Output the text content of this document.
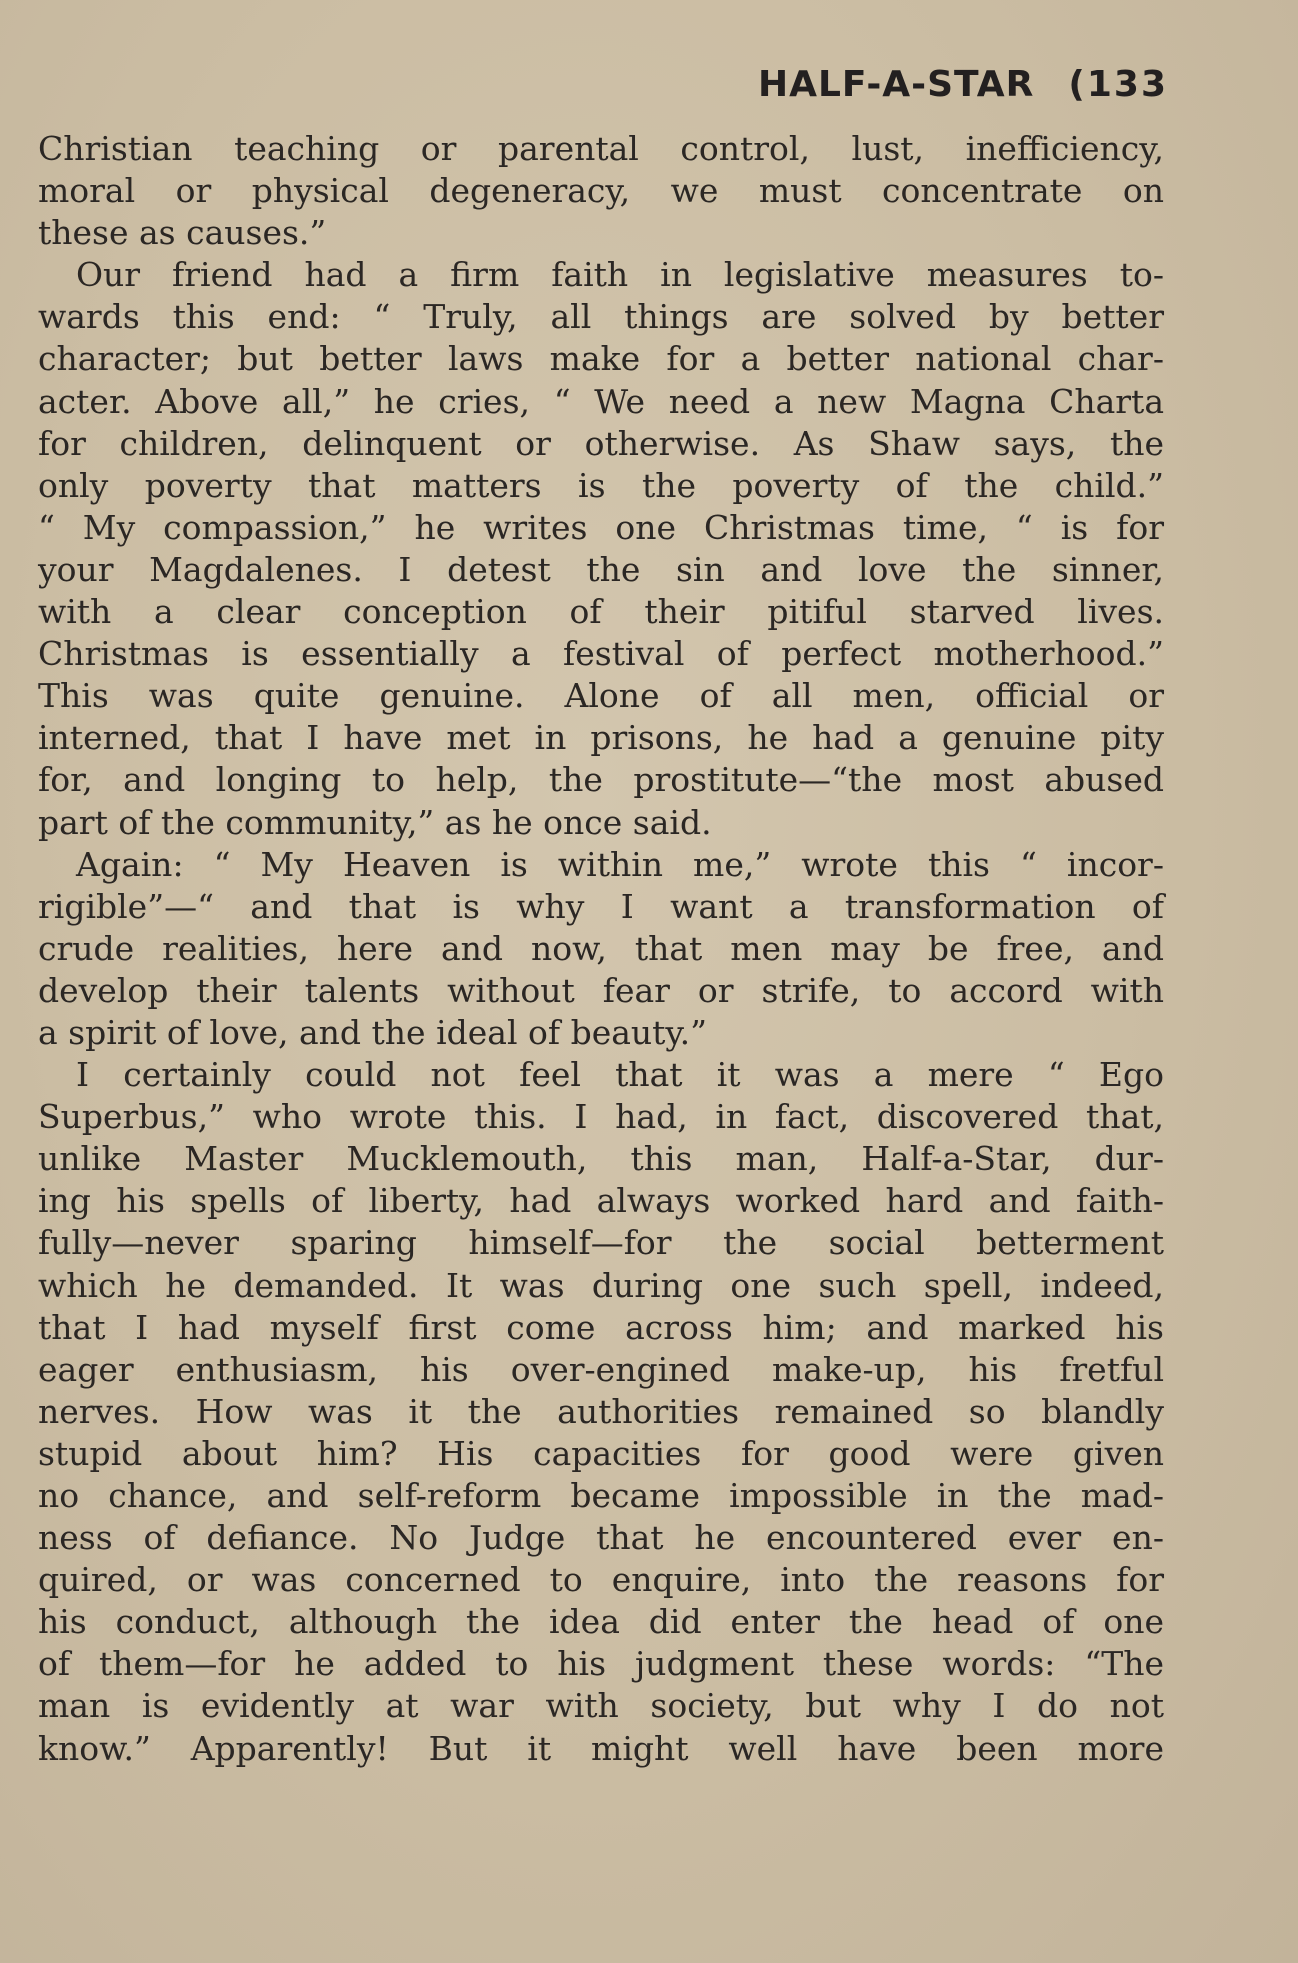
HALF-A-STAR (133
Christian teaching or parental control, lust, inefficiency,
moral or physical degeneracy, we must concentrate on
these as causes.”
Our friend had a firm faith in legislative measures to-
wards this end: “ Truly, all things are solved by better
character; but better laws make for a better national char-
acter. Above all,” he cries, “ We need a new Magna Charta
for children, delinquent or otherwise. As Shaw says, the
only poverty that matters is the poverty of the child.”
“ My compassion,” he writes one Christmas time, “ is for
your Magdalenes. I detest the sin and love the sinner,
with a clear conception of their pitiful starved lives.
Christmas is essentially a festival of perfect motherhood.”
This was quite genuine. Alone of all men, official or
interned, that I have met in prisons, he had a genuine pity
for, and longing to help, the prostitute—“the most abused
part of the community,” as he once said.
Again: “ My Heaven is within me,” wrote this “ incor-
rigible”—“ and that is why I want a transformation of
crude realities, here and now, that men may be free, and
develop their talents without fear or strife, to accord with
a spirit of love, and the ideal of beauty.”
I certainly could not feel that it was a mere “ Ego
Superbus,” who wrote this. I had, in fact, discovered that,
unlike Master Mucklemouth, this man, Half-a-Star, dur-
ing his spells of liberty, had always worked hard and faith-
fully—never sparing himself—for the social betterment
which he demanded. It was during one such spell, indeed,
that I had myself first come across him; and marked his
eager enthusiasm, his over-engined make-up, his fretful
nerves. How was it the authorities remained so blandly
stupid about him? His capacities for good were given
no chance, and self-reform became impossible in the mad-
ness of defiance. No Judge that he encountered ever en-
quired, or was concerned to enquire, into the reasons for
his conduct, although the idea did enter the head of one
of them—for he added to his judgment these words: “The
man is evidently at war with society, but why I do not
know.” Apparently! But it might well have been more
